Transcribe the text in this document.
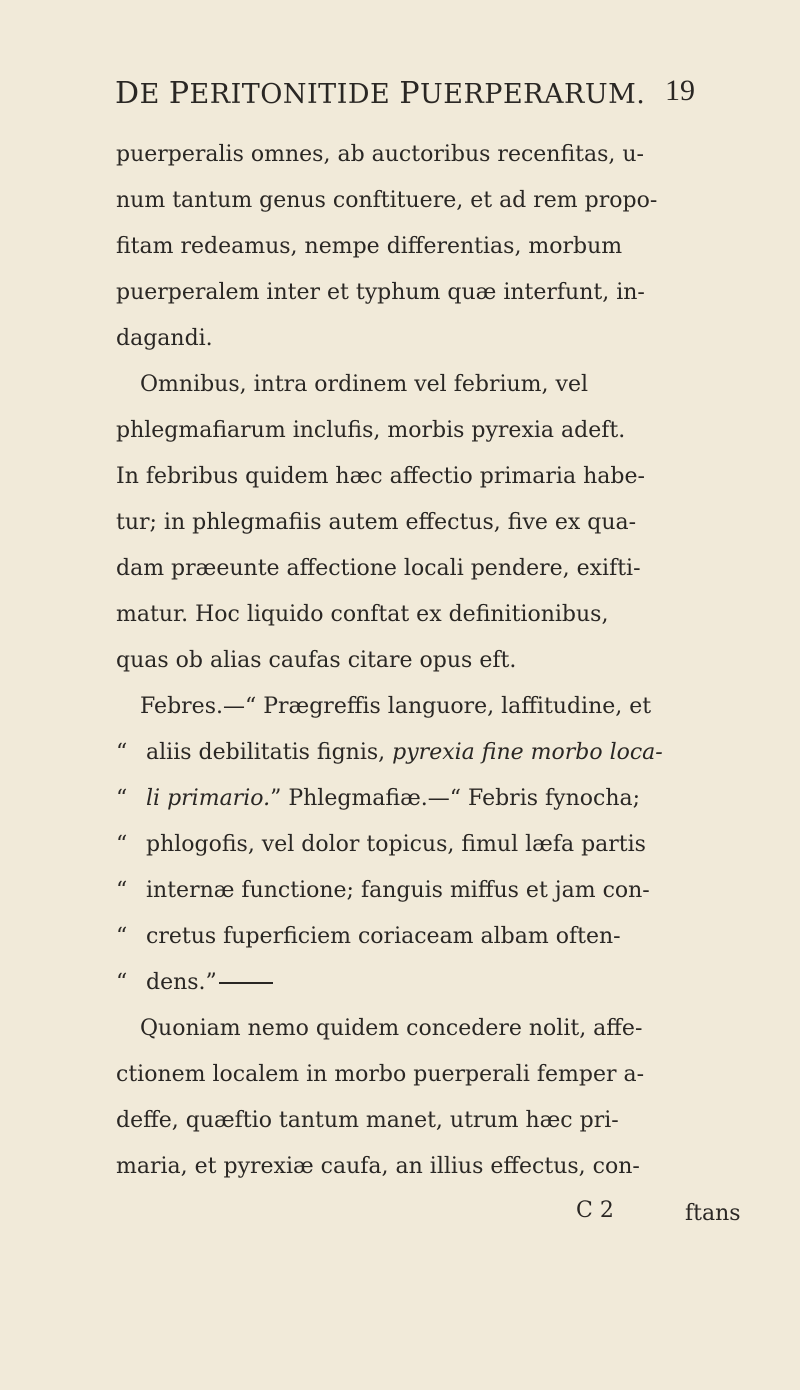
DE PERITONITIDE PUERPERARUM. 19
puerperalis omnes, ab auctoribus recenfitas, u-
num tantum genus conftituere, et ad rem propo-
fitam redeamus, nempe differentias, morbum
puerperalem inter et typhum quæ interfunt, in-
dagandi.
Omnibus, intra ordinem vel febrium, vel
phlegmafiarum inclufis, morbis pyrexia adeft.
In febribus quidem hæc affectio primaria habe-
tur; in phlegmafiis autem effectus, five ex qua-
dam præeunte affectione locali pendere, exifti-
matur. Hoc liquido conftat ex definitionibus,
quas ob alias caufas citare opus eft.
Febres.—“ Prægreffis languore, laffitudine, et
“ aliis debilitatis fignis, pyrexia fine morbo loca-
“ li primario.” Phlegmafiæ.—“ Febris fynocha;
“ phlogofis, vel dolor topicus, fimul læfa partis
“ internæ functione; fanguis miffus et jam con-
“ cretus fuperficiem coriaceam albam often-
“ dens.”
Quoniam nemo quidem concedere nolit, affe-
ctionem localem in morbo puerperali femper a-
deffe, quæftio tantum manet, utrum hæc pri-
maria, et pyrexiæ caufa, an illius effectus, con-
C 2	ftans
